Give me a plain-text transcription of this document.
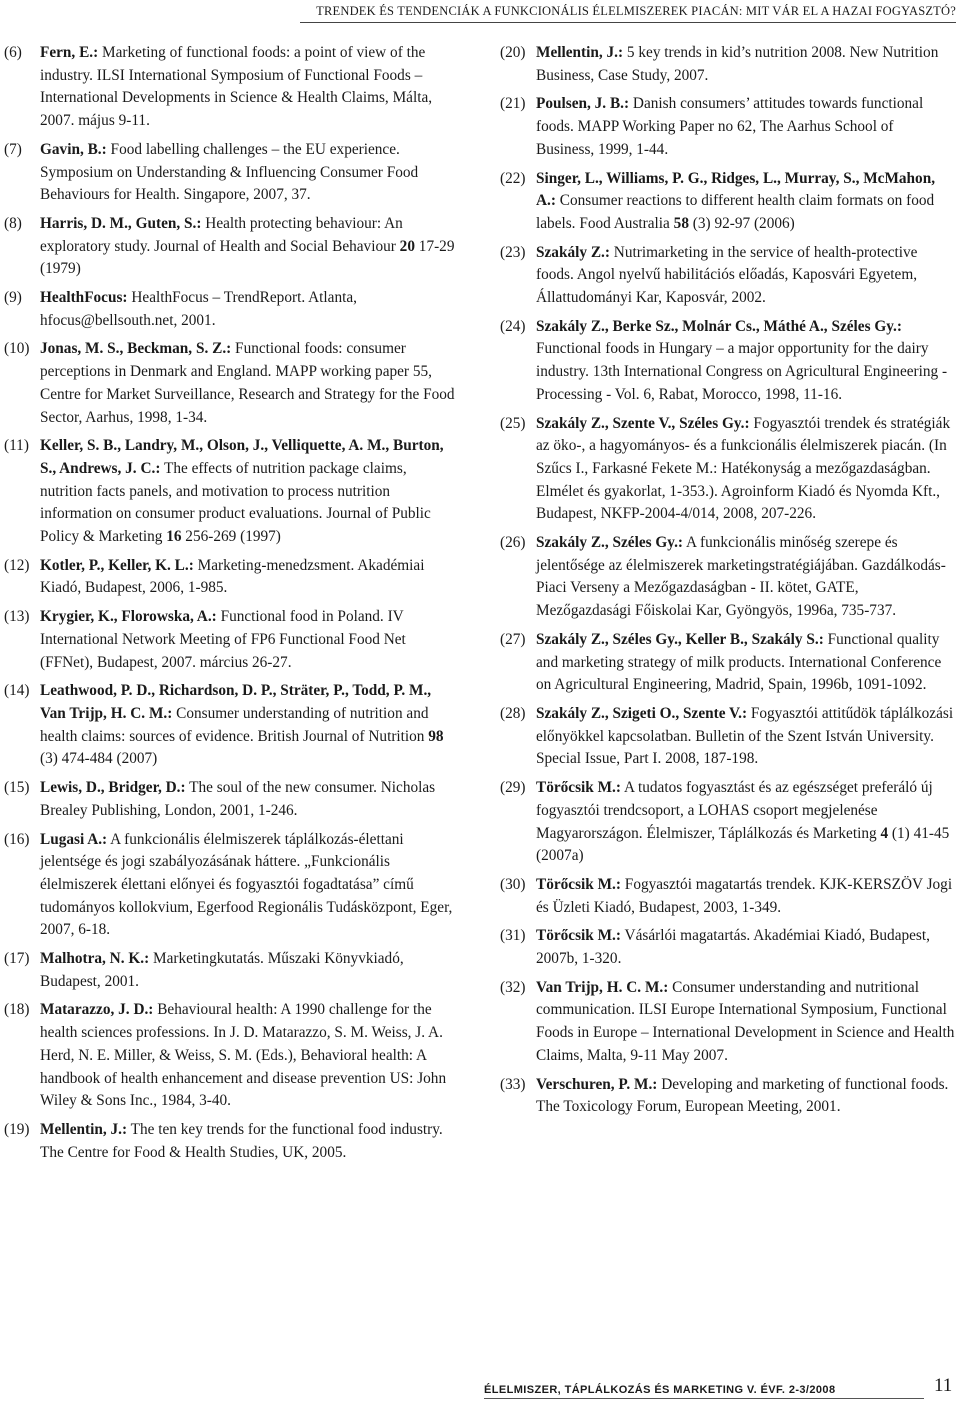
TRENDEK ÉS TENDENCIÁK A FUNKCIONÁLIS ÉLELMISZEREK PIACÁN: MIT VÁR EL A HAZAI FOGYASZTÓ?
(6)	Fern, E.: Marketing of functional foods: a point of view of the industry. ILSI International Symposium of Functional Foods – International Developments in Science & Health Claims, Málta, 2007. május 9-11.
(7)	Gavin, B.: Food labelling challenges – the EU experience. Symposium on Understanding & Influencing Consumer Food Behaviours for Health. Singapore, 2007, 37.
(8)	Harris, D. M., Guten, S.: Health protecting behaviour: An exploratory study. Journal of Health and Social Behaviour 20 17-29 (1979)
(9)	HealthFocus: HealthFocus – TrendReport. Atlanta, hfocus@bellsouth.net, 2001.
(10) Jonas, M. S., Beckman, S. Z.: Functional foods: consumer perceptions in Denmark and England. MAPP working paper 55, Centre for Market Surveillance, Research and Strategy for the Food Sector, Aarhus, 1998, 1-34.
(11) Keller, S. B., Landry, M., Olson, J., Velliquette, A. M., Burton, S., Andrews, J. C.: The effects of nutrition package claims, nutrition facts panels, and motivation to process nutrition information on consumer product evaluations. Journal of Public Policy & Marketing 16 256-269 (1997)
(12) Kotler, P., Keller, K. L.: Marketing-menedzsment. Akadémiai Kiadó, Budapest, 2006, 1-985.
(13) Krygier, K., Florowska, A.: Functional food in Poland. IV International Network Meeting of FP6 Functional Food Net (FFNet), Budapest, 2007. március 26-27.
(14) Leathwood, P. D., Richardson, D. P., Sträter, P., Todd, P. M., Van Trijp, H. C. M.: Consumer understanding of nutrition and health claims: sources of evidence. British Journal of Nutrition 98 (3) 474-484 (2007)
(15) Lewis, D., Bridger, D.: The soul of the new consumer. Nicholas Brealey Publishing, London, 2001, 1-246.
(16) Lugasi A.: A funkcionális élelmiszerek táplálkozás-élettani jelentsége és jogi szabályozásának háttere. „Funkcionális élelmiszerek élettani előnyei és fogyasztói fogadtatása” című tudományos kollokvium, Egerfood Regionális Tudásközpont, Eger, 2007, 6-18.
(17) Malhotra, N. K.: Marketingkutatás. Műszaki Könyvkiadó, Budapest, 2001.
(18) Matarazzo, J. D.: Behavioural health: A 1990 challenge for the health sciences professions. In J. D. Matarazzo, S. M. Weiss, J. A. Herd, N. E. Miller, & Weiss, S. M. (Eds.), Behavioral health: A handbook of health enhancement and disease prevention US: John Wiley & Sons Inc., 1984, 3-40.
(19) Mellentin, J.: The ten key trends for the functional food industry. The Centre for Food & Health Studies, UK, 2005.
(20) Mellentin, J.: 5 key trends in kid’s nutrition 2008. New Nutrition Business, Case Study, 2007.
(21) Poulsen, J. B.: Danish consumers’ attitudes towards functional foods. MAPP Working Paper no 62, The Aarhus School of Business, 1999, 1-44.
(22) Singer, L., Williams, P. G., Ridges, L., Murray, S., McMahon, A.: Consumer reactions to different health claim formats on food labels. Food Australia 58 (3) 92-97 (2006)
(23) Szakály Z.: Nutrimarketing in the service of health-protective foods. Angol nyelvű habilitációs előadás, Kaposvári Egyetem, Állattudományi Kar, Kaposvár, 2002.
(24) Szakály Z., Berke Sz., Molnár Cs., Máthé A., Széles Gy.: Functional foods in Hungary – a major opportunity for the dairy industry. 13th International Congress on Agricultural Engineering - Processing - Vol. 6, Rabat, Morocco, 1998, 11-16.
(25) Szakály Z., Szente V., Széles Gy.: Fogyasztói trendek és stratégiák az öko-, a hagyományos- és a funkcionális élelmiszerek piacán. (In Szűcs I., Farkasné Fekete M.: Hatékonyság a mezőgazdaságban. Elmélet és gyakorlat, 1-353.). Agroinform Kiadó és Nyomda Kft., Budapest, NKFP-2004-4/014, 2008, 207-226.
(26) Szakály Z., Széles Gy.: A funkcionális minőség szerepe és jelentősége az élelmiszerek marketingstratégiájában. Gazdálkodás-Piaci Verseny a Mezőgazdaságban - II. kötet, GATE, Mezőgazdasági Főiskolai Kar, Gyöngyös, 1996a, 735-737.
(27) Szakály Z., Széles Gy., Keller B., Szakály S.: Functional quality and marketing strategy of milk products. International Conference on Agricultural Engineering, Madrid, Spain, 1996b, 1091-1092.
(28) Szakály Z., Szigeti O., Szente V.: Fogyasztói attitűdök táplálkozási előnyökkel kapcsolatban. Bulletin of the Szent István University. Special Issue, Part I. 2008, 187-198.
(29) Törőcsik M.: A tudatos fogyasztást és az egészséget preferáló új fogyasztói trendcsoport, a LOHAS csoport megjelenése Magyarországon. Élelmiszer, Táplálkozás és Marketing 4 (1) 41-45 (2007a)
(30) Törőcsik M.: Fogyasztói magatartás trendek. KJK-KERSZÖV Jogi és Üzleti Kiadó, Budapest, 2003, 1-349.
(31) Törőcsik M.: Vásárlói magatartás. Akadémiai Kiadó, Budapest, 2007b, 1-320.
(32) Van Trijp, H. C. M.: Consumer understanding and nutritional communication. ILSI Europe International Symposium, Functional Foods in Europe – International Development in Science and Health Claims, Malta, 9-11 May 2007.
(33) Verschuren, P. M.: Developing and marketing of functional foods. The Toxicology Forum, European Meeting, 2001.
ÉLELMISZER, TÁPLÁLKOZÁS ÉS MARKETING V. ÉVF. 2-3/2008	11
